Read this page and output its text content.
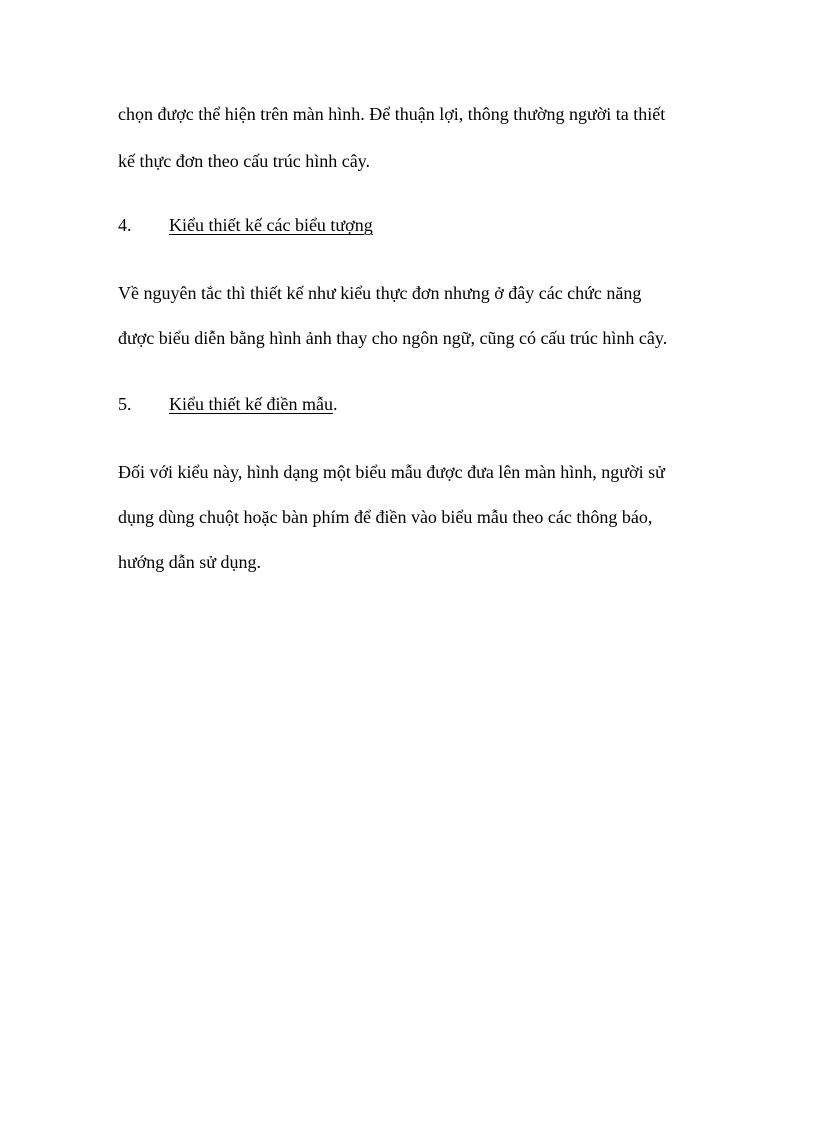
chọn được thể hiện trên màn hình. Để thuận lợi, thông thường người ta thiết
kế thực đơn theo cấu trúc hình cây.
4. Kiểu thiết kế các biểu tượng
Về nguyên tắc thì thiết kế như kiểu thực đơn nhưng ở đây các chức năng
được biểu diễn bằng hình ảnh thay cho ngôn ngữ, cũng có cấu trúc hình cây.
5. Kiểu thiết kế điền mẫu.
Đối với kiểu này, hình dạng một biểu mẫu được đưa lên màn hình, người sử
dụng dùng chuột hoặc bàn phím để điền vào biểu mẫu theo các thông báo,
hướng dẫn sử dụng.
